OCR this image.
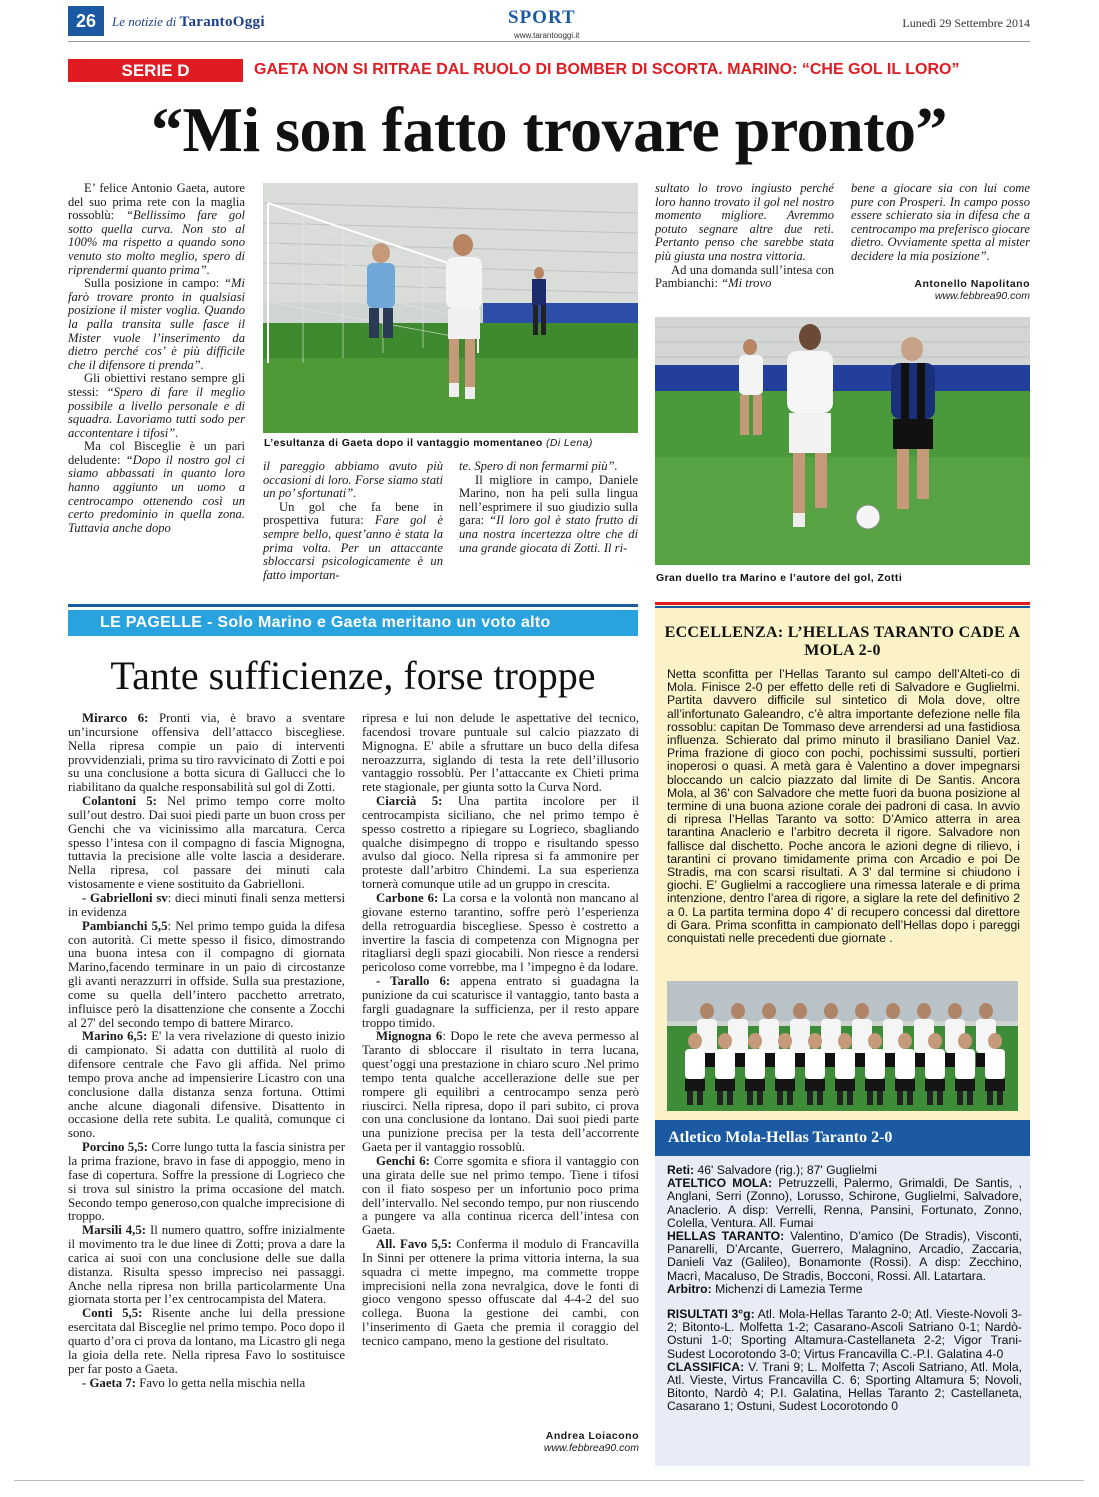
26	Le notizie di TarantoOggi	SPORT
www.tarantooggi.it
Lunedì 29 Settembre 2014
SERIE D	GAETA NON SI RITRAE DAL RUOLO DI BOMBER DI SCORTA. MARINO: “CHE GOL IL LORO”
“Mi son fatto trovare pronto”

E’ felice Antonio Gaeta, autore del suo prima rete con la maglia rossoblù: “Bellissimo fare gol sotto quella curva. Non sto al 100% ma rispetto a quando sono venuto sto molto meglio, spero di riprendermi quanto prima”.

Sulla posizione in campo: “Mi farò trovare pronto in qualsiasi posizione il mister voglia. Quando la palla transita sulle fasce il Mister vuole l’inserimento da dietro perché cos’ è più difficile che il difensore ti prenda”.

Gli obiettivi restano sempre gli stessi: “Spero di fare il meglio possibile a livello personale e di squadra. Lavoriamo tutti sodo per accontentare i tifosi”.

Ma col Bisceglie è un pari deludente: “Dopo il nostro gol ci siamo abbassati in quanto loro hanno aggiunto un uomo a centrocampo ottenendo così un certo predominio in quella zona. Tuttavia anche dopo

L’esultanza di Gaeta dopo il vantaggio momentaneo (Di Lena)

il pareggio abbiamo avuto più occasioni di loro. Forse siamo stati un po’ sfortunati”.

Un gol che fa bene in prospettiva futura: Fare gol è sempre bello, quest’anno è stata la prima volta. Per un attaccante sbloccarsi psicologicamente è un fatto importan-

te. Spero di non fermarmi più”.

Il migliore in campo, Daniele Marino, non ha peli sulla lingua nell’esprimere il suo giudizio sulla gara: “Il loro gol è stato frutto di una nostra incertezza oltre che di una grande giocata di Zotti. Il ri-

sultato lo trovo ingiusto perché loro hanno trovato il gol nel nostro momento migliore. Avremmo potuto segnare altre due reti. Pertanto penso che sarebbe stata più giusta una nostra vittoria.

Ad una domanda sull’intesa con Pambianchi: “Mi trovo

bene a giocare sia con lui come pure con Prosperi. In campo posso essere schierato sia in difesa che a centrocampo ma preferisco giocare dietro. Ovviamente spetta al mister decidere la mia posizione”.

Antonello Napolitano
www.febbrea90.com
Gran duello tra Marino e l’autore del gol, Zotti
LE PAGELLE - Solo Marino e Gaeta meritano un voto alto
Tante sufficienze, forse troppe
Mirarco 6: Pronti via, è bravo a sventare un’incursione offensiva dell’attacco biscegliese. Nella ripresa compie un paio di interventi provvidenziali, prima su tiro ravvicinato di Zotti e poi su una conclusione a botta sicura di Gallucci che lo riabilitano da qualche responsabilità sul gol di Zotti.
Colantoni 5: Nel primo tempo corre molto sull’out destro. Dai suoi piedi parte un buon cross per Genchi che va vicinissimo alla marcatura. Cerca spesso l’intesa con il compagno di fascia Mignogna, tuttavia la precisione alle volte lascia a desiderare. Nella ripresa, col passare dei minuti cala vistosamente e viene sostituito da Gabrielloni.
- Gabrielloni sv: dieci minuti finali senza mettersi in evidenza
Pambianchi 5,5: Nel primo tempo guida la difesa con autorità. Ci mette spesso il fisico, dimostrando una buona intesa con il compagno di giornata Marino,facendo terminare in un paio di circostanze gli avanti nerazzurri in offside. Sulla sua prestazione, come su quella dell’intero pacchetto arretrato, influisce però la disattenzione che consente a Zocchi al 27' del secondo tempo di battere Mirarco.
Marino 6,5: E' la vera rivelazione di questo inizio di campionato. Si adatta con duttilità al ruolo di difensore centrale che Favo gli affida. Nel primo tempo prova anche ad impensierire Licastro con una conclusione dalla distanza senza fortuna. Ottimi anche alcune diagonali difensive. Disattento in occasione della rete subita. Le qualità, comunque ci sono.
Porcino 5,5: Corre lungo tutta la fascia sinistra per la prima frazione, bravo in fase di appoggio, meno in fase di copertura. Soffre la pressione di Logrieco che si trova sul sinistro la prima occasione del match. Secondo tempo generoso,con qualche imprecisione di troppo.
Marsili 4,5: Il numero quattro, soffre inizialmente il movimento tra le due linee di Zotti; prova a dare la carica ai suoi con una conclusione delle sue dalla distanza. Risulta spesso impreciso nei passaggi. Anche nella ripresa non brilla particolarmente Una giornata storta per l’ex centrocampista del Matera.
Conti 5,5: Risente anche lui della pressione esercitata dal Bisceglie nel primo tempo. Poco dopo il quarto d’ora ci prova da lontano, ma Licastro gli nega la gioia della rete. Nella ripresa Favo lo sostituisce per far posto a Gaeta.
- Gaeta 7: Favo lo getta nella mischia nella
ripresa e lui non delude le aspettative del tecnico, facendosi trovare puntuale sul calcio piazzato di Mignogna. E' abile a sfruttare un buco della difesa neroazzurra, siglando di testa la rete dell’illusorio vantaggio rossoblù. Per l’attaccante ex Chieti prima rete stagionale, per giunta sotto la Curva Nord.
Ciarcià 5: Una partita incolore per il centrocampista siciliano, che nel primo tempo è spesso costretto a ripiegare su Logrieco, sbagliando qualche disimpegno di troppo e risultando spesso avulso dal gioco. Nella ripresa si fa ammonire per proteste dall’arbitro Chindemi. La sua esperienza tornerà comunque utile ad un gruppo in crescita.
Carbone 6: La corsa e la volontà non mancano al giovane esterno tarantino, soffre però l’esperienza della retroguardia biscegliese. Spesso è costretto a invertire la fascia di competenza con Mignogna per ritagliarsi degli spazi giocabili. Non riesce a rendersi pericoloso come vorrebbe, ma l ’impegno è da lodare.
- Tarallo 6: appena entrato si guadagna la punizione da cui scaturisce il vantaggio, tanto basta a fargli guadagnare la sufficienza, per il resto appare troppo timido.
Mignogna 6: Dopo le rete che aveva permesso al Taranto di sbloccare il risultato in terra lucana, quest’oggi una prestazione in chiaro scuro .Nel primo tempo tenta qualche accellerazione delle sue per rompere gli equilibri a centrocampo senza però riuscirci. Nella ripresa, dopo il pari subito, ci prova con una conclusione da lontano. Dai suoi piedi parte una punizione precisa per la testa dell’accorrente Gaeta per il vantaggio rossoblù.
Genchi 6: Corre sgomita e sfiora il vantaggio con una girata delle sue nel primo tempo. Tiene i tifosi con il fiato sospeso per un infortunio poco prima dell’intervallo. Nel secondo tempo, pur non riuscendo a pungere va alla continua ricerca dell’intesa con Gaeta.
All. Favo 5,5: Conferma il modulo di Francavilla In Sinni per ottenere la prima vittoria interna, la sua squadra ci mette impegno, ma commette troppe imprecisioni nella zona nevralgica, dove le fonti di gioco vengono spesso offuscate dal 4-4-2 del suo collega. Buona la gestione dei cambi, con l’inserimento di Gaeta che premia il coraggio del tecnico campano, meno la gestione del risultato.
Andrea Loiacono
www.febbrea90.com
ECCELLENZA: L’HELLAS TARANTO CADE A MOLA 2-0
Netta sconfitta per l’Hellas Taranto sul campo dell’Alteti-co di Mola. Finisce 2-0 per effetto delle reti di Salvadore e Guglielmi. Partita davvero difficile sul sintetico di Mola dove, oltre all’infortunato Galeandro, c’è altra importante defezione nelle fila rossoblu: capitan De Tommaso deve arrendersi ad una fastidiosa influenza. Schierato dal primo minuto il brasiliano Daniel Vaz. Prima frazione di gioco con pochi, pochissimi sussulti, portieri inoperosi o quasi. A metà gara è Valentino a dover impegnarsi bloccando un calcio piazzato dal limite di De Santis. Ancora Mola, al 36' con Salvadore che mette fuori da buona posizione al termine di una buona azione corale dei padroni di casa. In avvio di ripresa l’Hellas Taranto va sotto: D’Amico atterra in area tarantina Anaclerio e l’arbitro decreta il rigore. Salvadore non fallisce dal dischetto. Poche ancora le azioni degne di rilievo, i tarantini ci provano timidamente prima con Arcadio e poi De Stradis, ma con scarsi risultati. A 3' dal termine si chiudono i giochi. E’ Guglielmi a raccogliere una rimessa laterale e di prima intenzione, dentro l’area di rigore, a siglare la rete del definitivo 2 a 0. La partita termina dopo 4' di recupero concessi dal direttore di Gara. Prima sconfitta in campionato dell’Hellas dopo i pareggi conquistati nelle precedenti due giornate .
Atletico Mola-Hellas Taranto 2-0
Reti: 46' Salvadore (rig.); 87' Guglielmi
ATELTICO MOLA: Petruzzelli, Palermo, Grimaldi, De Santis, , Anglani, Serri (Zonno), Lorusso, Schirone, Guglielmi, Salvadore, Anaclerio. A disp: Verrelli, Renna, Pansini, Fortunato, Zonno, Colella, Ventura. All. Fumai
HELLAS TARANTO: Valentino, D’amico (De Stradis), Visconti, Panarelli, D’Arcante, Guerrero, Malagnino, Arcadio, Zaccaria, Danieli Vaz (Galileo), Bonamonte (Rossi). A disp: Zecchino, Macrì, Macaluso, De Stradis, Bocconi, Rossi. All. Latartara.
Arbitro: Michenzi di Lamezia Terme
RISULTATI 3°g: Atl. Mola-Hellas Taranto 2-0; Atl. Vieste-Novoli 3-2; Bitonto-L. Molfetta 1-2; Casarano-Ascoli Satriano 0-1; Nardò-Ostuni 1-0; Sporting Altamura-Castellaneta 2-2; Vigor Trani-Sudest Locorotondo 3-0; Virtus Francavilla C.-P.I. Galatina 4-0
CLASSIFICA: V. Trani 9; L. Molfetta 7; Ascoli Satriano, Atl. Mola, Atl. Vieste, Virtus Francavilla C. 6; Sporting Altamura 5; Novoli, Bitonto, Nardò 4; P.I. Galatina, Hellas Taranto 2; Castellaneta, Casarano 1; Ostuni, Sudest Locorotondo 0
